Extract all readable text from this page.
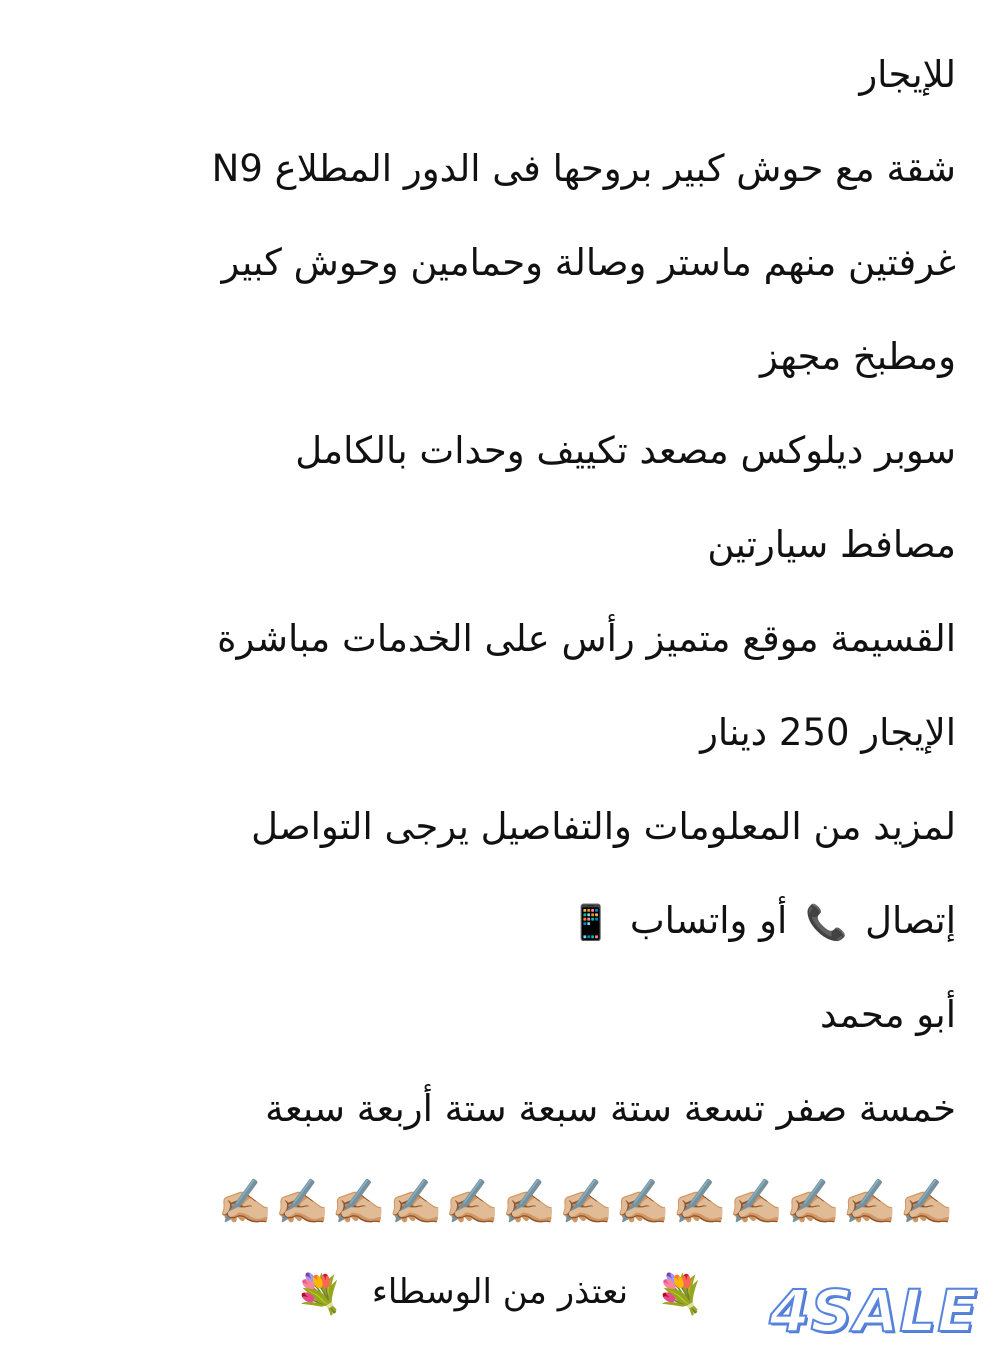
للإيجار
شقة مع حوش كبير بروحها فى الدور المطلاع N9
غرفتين منهم ماستر وصالة وحمامين وحوش كبير
ومطبخ مجهز
سوبر ديلوكس مصعد تكييف وحدات بالكامل
مصافط سيارتين
القسيمة موقع متميز رأس على الخدمات مباشرة
الإيجار 250 دينار
لمزيد من المعلومات والتفاصيل يرجى التواصل
إتصال 📞 أو واتساب 📱
أبو محمد
خمسة صفر تسعة ستة سبعة ستة أربعة سبعة
✍🏼✍🏼✍🏼✍🏼✍🏼✍🏼✍🏼✍🏼✍🏼✍🏼✍🏼✍🏼✍🏼
💐 نعتذر من الوسطاء 💐	4SALE
